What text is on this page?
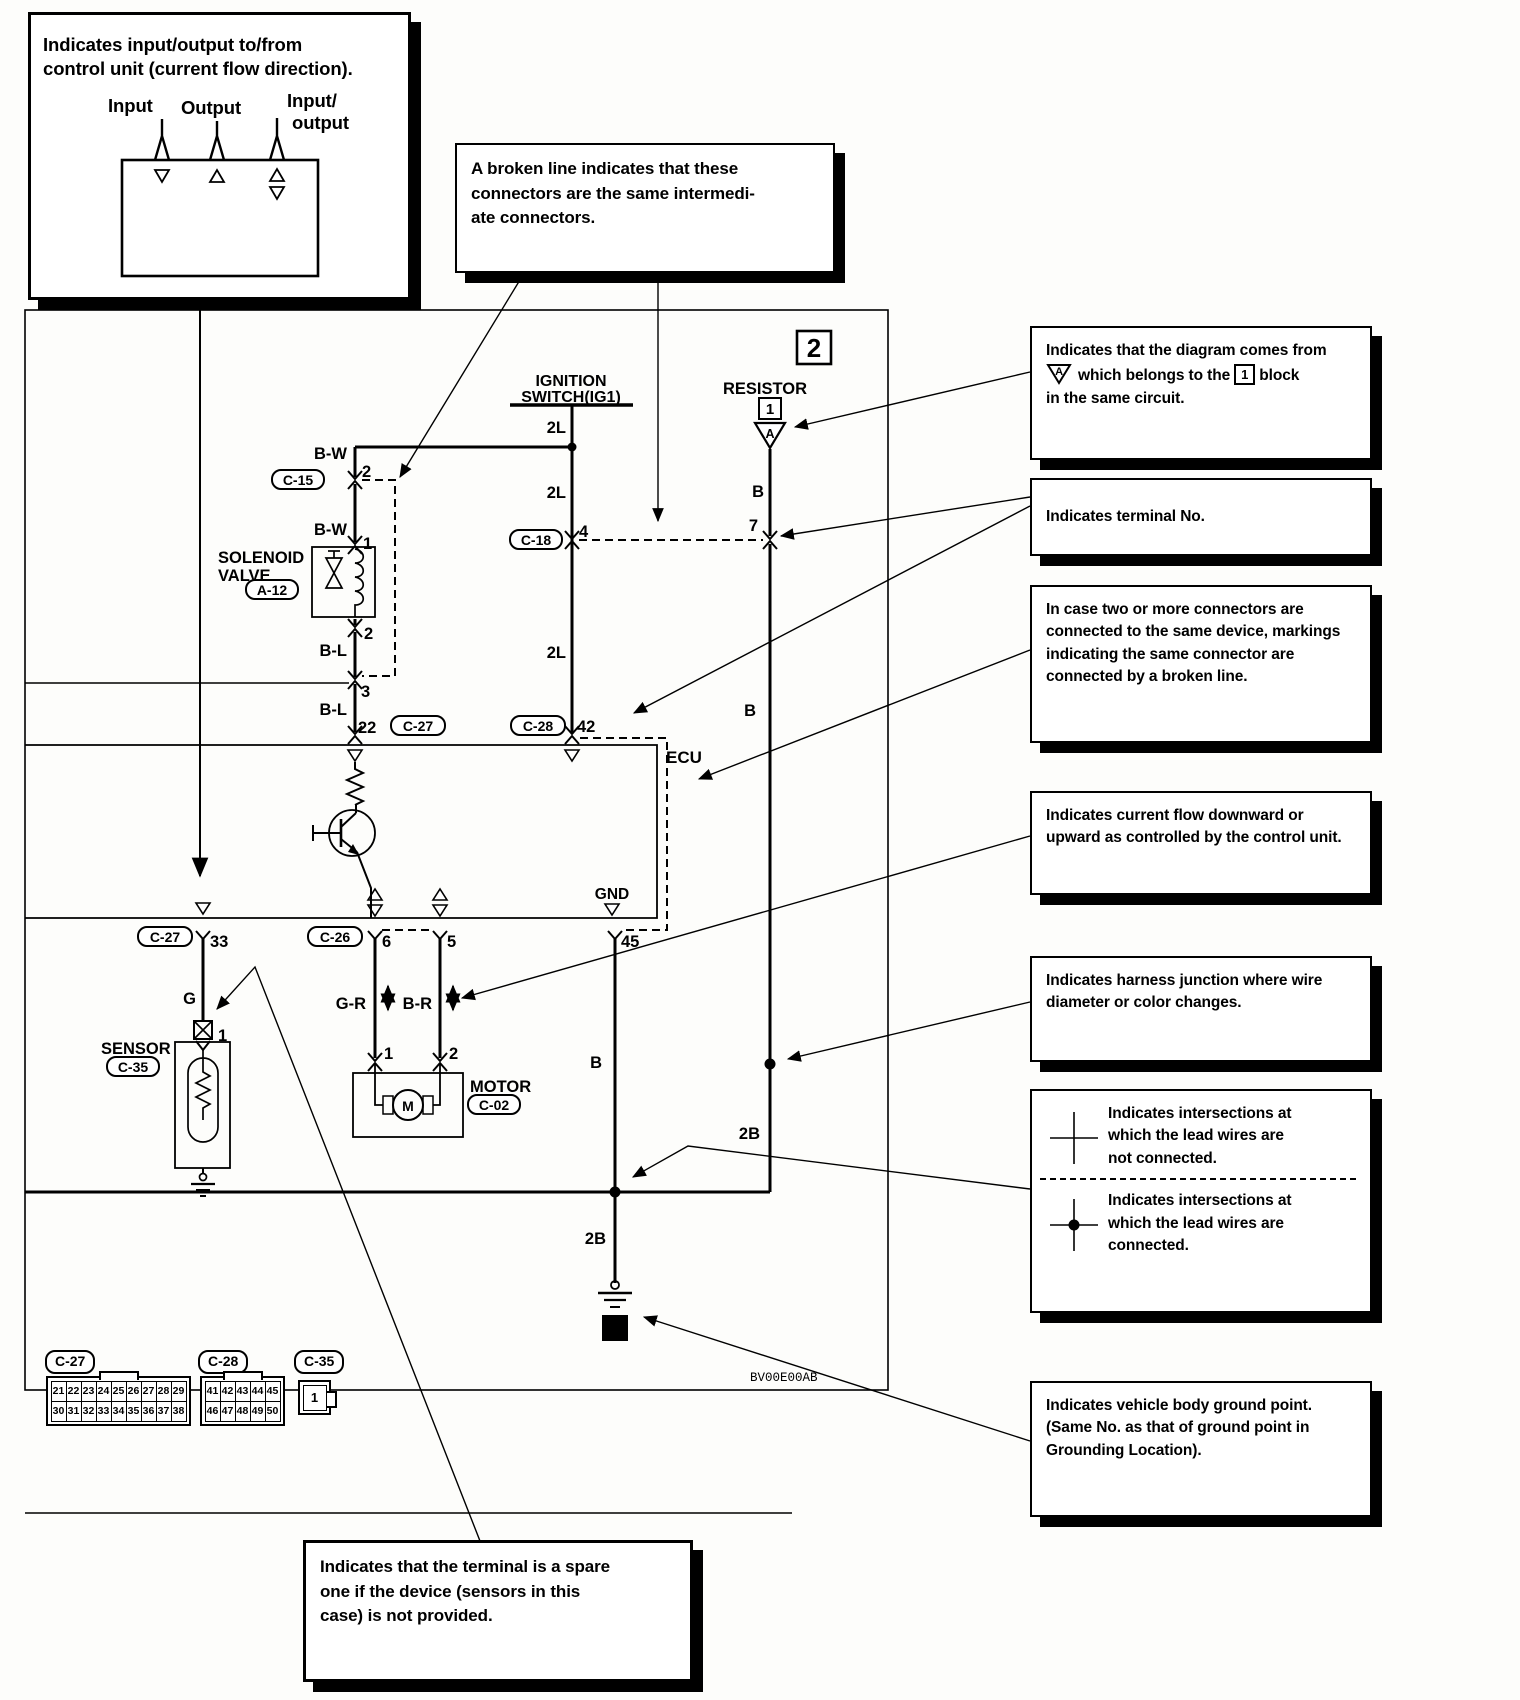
2
ECU
RESISTOR
1
A
M
3
C-15
C-18
C-27	C-28
C-27	C-26
A-12
C-35
C-02
IGNITION
SWITCH(IG1)
SOLENOID
VALVE
SENSOR
MOTOR
GND
BV00E00AB
B-W
B-W
B-L
B-L
2L
2L
2L
B
B
B
G	G-R B-R
2B
2B
2
1
2
3
22
4
42
7
33	6	5	45
1	2
1
Indicates input/output to/from
control unit (current flow direction).
Input Output Input/
output
A broken line indicates that these
connectors are the same intermedi-
ate connectors.
Indicates that the diagram comes from
A which belongs to the 1 block
in the same circuit.
Indicates terminal No.
In case two or more connectors are
connected to the same device, markings
indicating the same connector are
connected by a broken line.
Indicates current flow downward or
upward as controlled by the control unit.
Indicates harness junction where wire
diameter or color changes.
Indicates intersections at
which the lead wires are
not connected.
Indicates intersections at
which the lead wires are
connected.
Indicates vehicle body ground point.
(Same No. as that of ground point in
Grounding Location).
Indicates that the terminal is a spare
one if the device (sensors in this
case) is not provided.
C-27
21 22 23 24 25 26 27 28 29
30 31 32 33 34 35 36 37 38
C-28
41 42 43 44 45
46 47 48 49 50
C-35
1
